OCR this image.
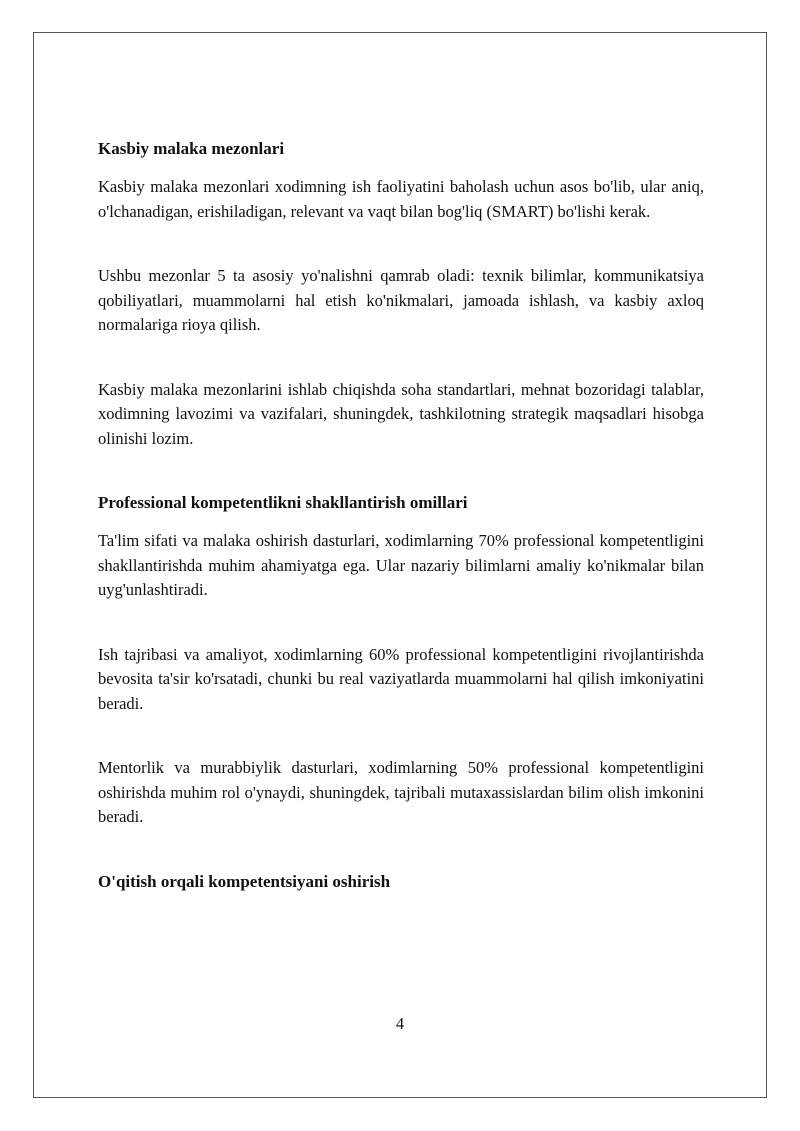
Kasbiy malaka mezonlari

Kasbiy malaka mezonlari xodimning ish faoliyatini baholash uchun asos bo'lib, ular aniq, o'lchanadigan, erishiladigan, relevant va vaqt bilan bog'liq (SMART) bo'lishi kerak.

Ushbu mezonlar 5 ta asosiy yo'nalishni qamrab oladi: texnik bilimlar, kommunikatsiya qobiliyatlari, muammolarni hal etish ko'nikmalari, jamoada ishlash, va kasbiy axloq normalariga rioya qilish.

Kasbiy malaka mezonlarini ishlab chiqishda soha standartlari, mehnat bozoridagi talablar, xodimning lavozimi va vazifalari, shuningdek, tashkilotning strategik maqsadlari hisobga olinishi lozim.

Professional kompetentlikni shakllantirish omillari

Ta'lim sifati va malaka oshirish dasturlari, xodimlarning 70% professional kompetentligini shakllantirishda muhim ahamiyatga ega. Ular nazariy bilimlarni amaliy ko'nikmalar bilan uyg'unlashtiradi.

Ish tajribasi va amaliyot, xodimlarning 60% professional kompetentligini rivojlantirishda bevosita ta'sir ko'rsatadi, chunki bu real vaziyatlarda muammolarni hal qilish imkoniyatini beradi.

Mentorlik va murabbiylik dasturlari, xodimlarning 50% professional kompetentligini oshirishda muhim rol o'ynaydi, shuningdek, tajribali mutaxassislardan bilim olish imkonini beradi.

O'qitish orqali kompetentsiyani oshirish

4
